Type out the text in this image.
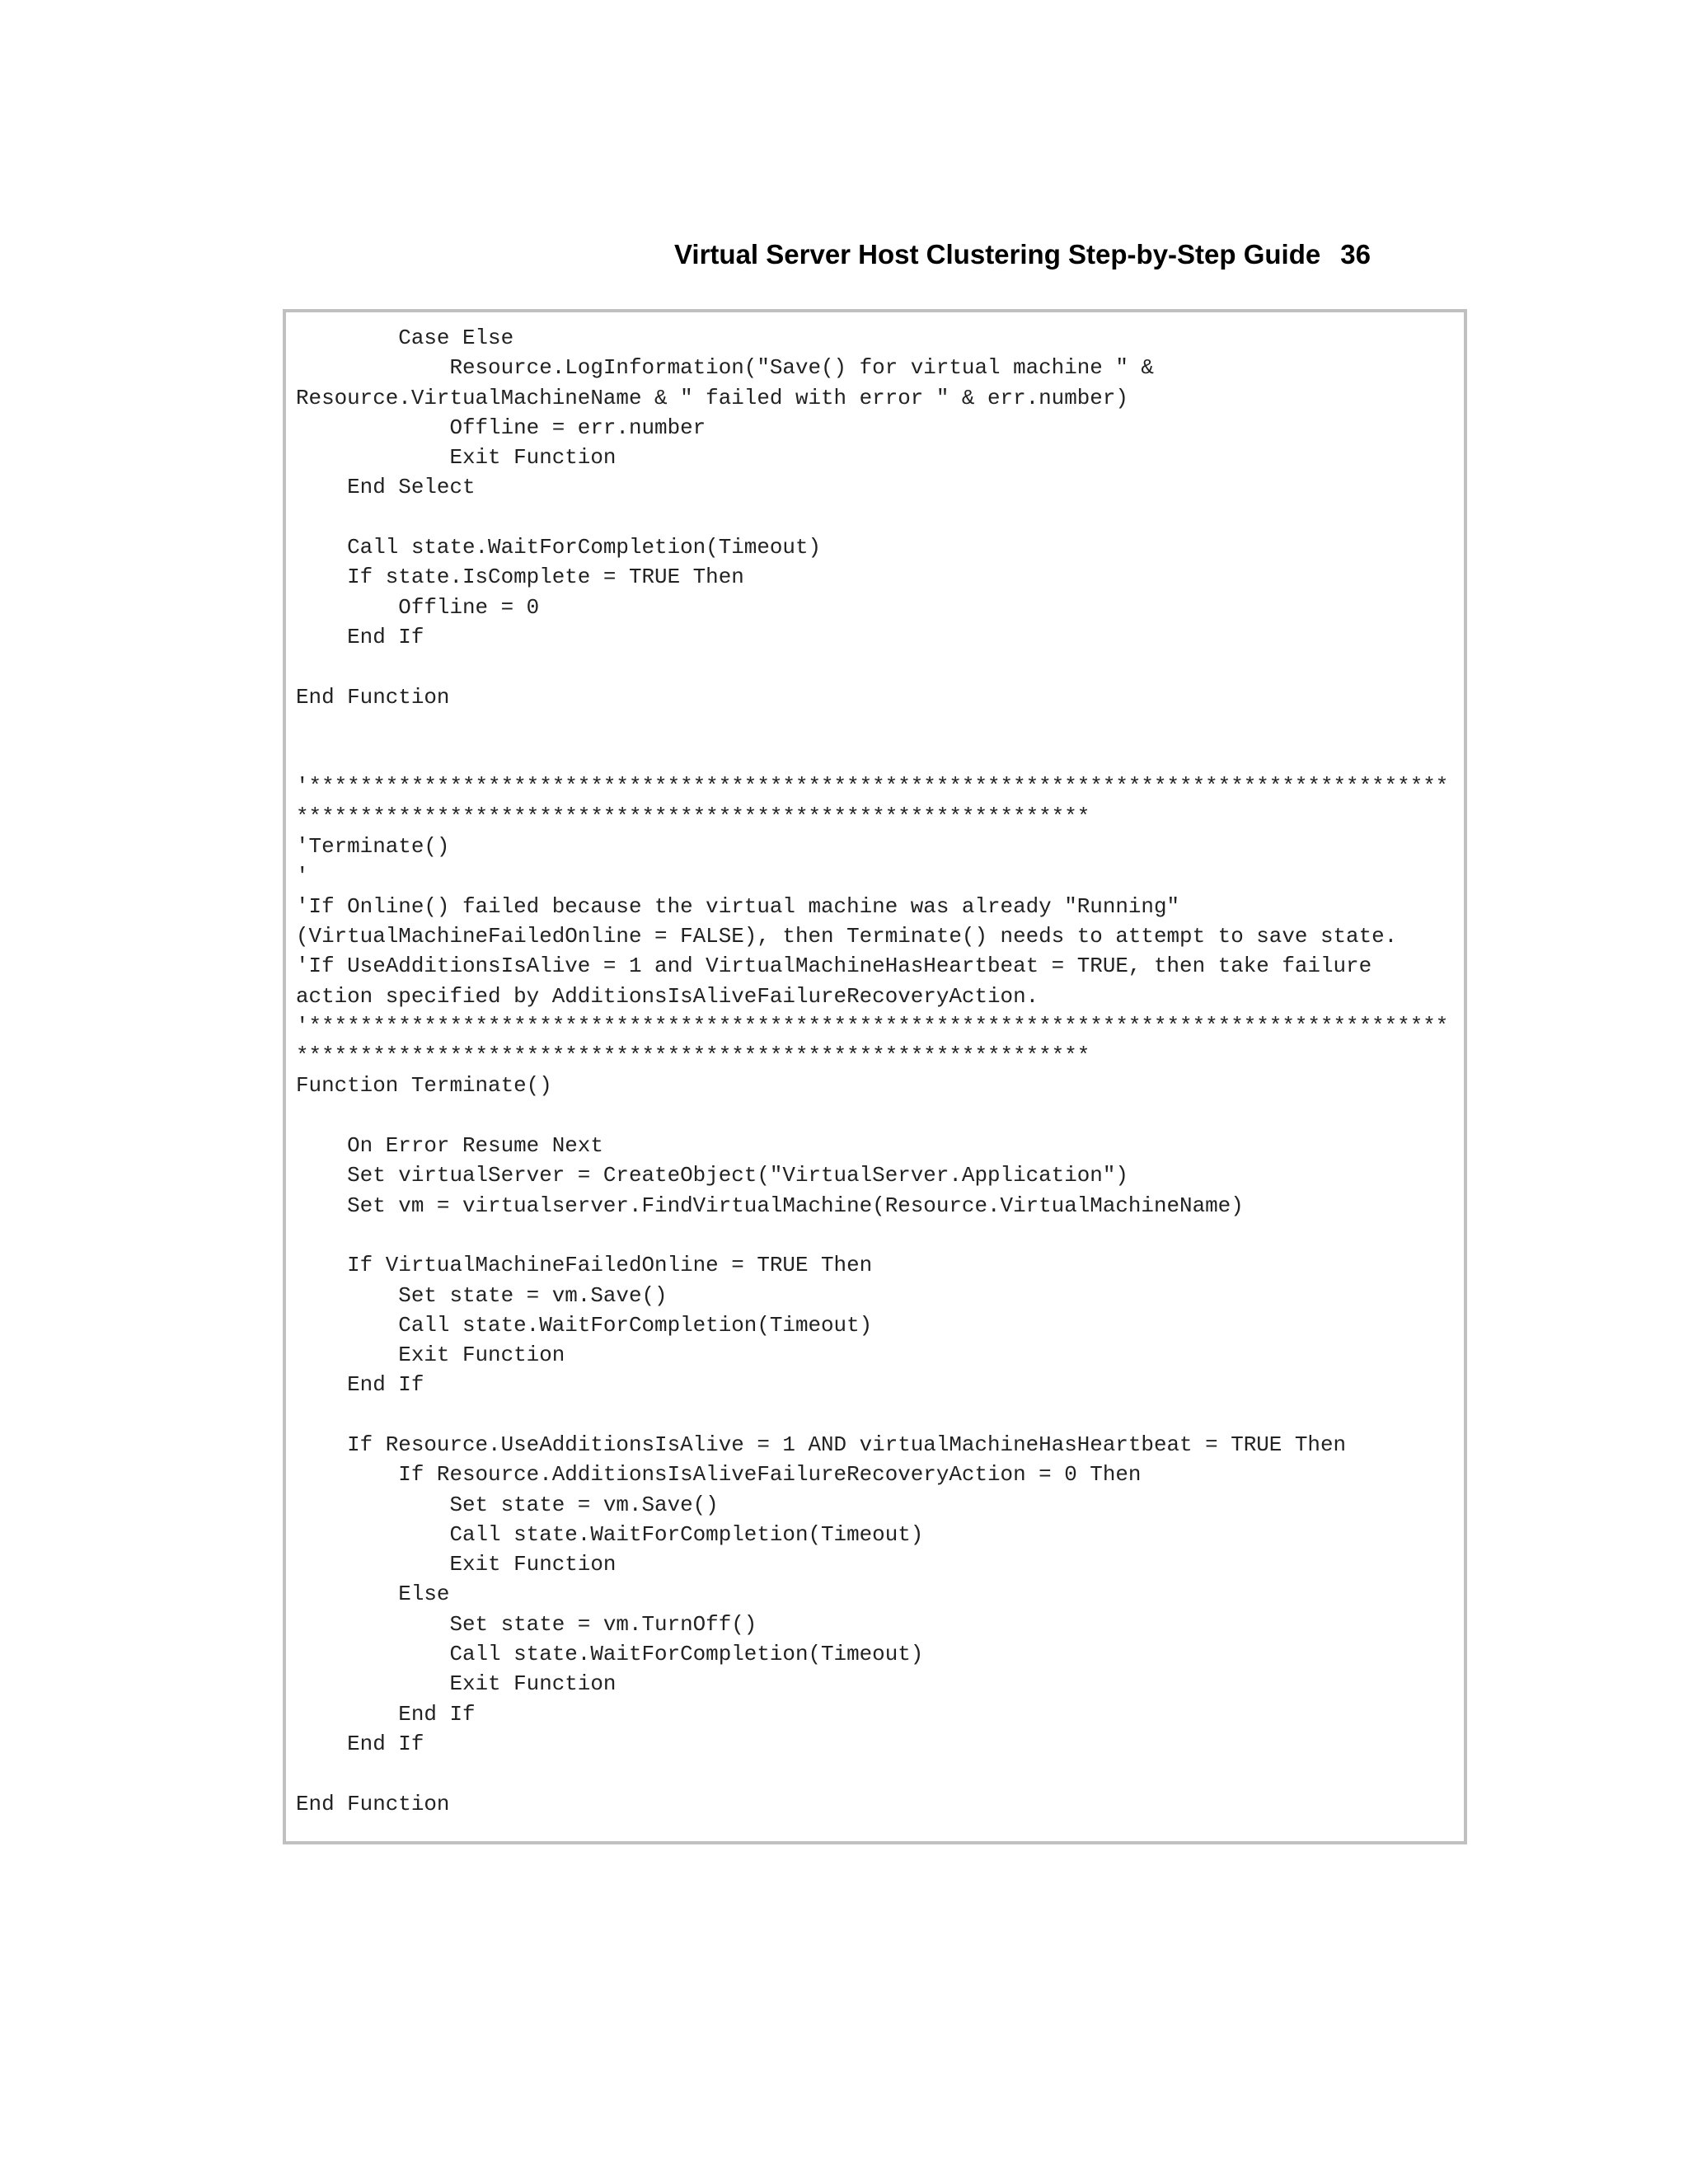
Virtual Server Host Clustering Step-by-Step Guide 36
Case Else
Resource.LogInformation("Save() for virtual machine " &
Resource.VirtualMachineName & " failed with error " & err.number)
Offline = err.number
Exit Function
End Select
Call state.WaitForCompletion(Timeout)
If state.IsComplete = TRUE Then
Offline = 0
End If
End Function
'*****************************************************************************************
**************************************************************
'Terminate()
'
'If Online() failed because the virtual machine was already "Running"
(VirtualMachineFailedOnline = FALSE), then Terminate() needs to attempt to save state.
'If UseAdditionsIsAlive = 1 and VirtualMachineHasHeartbeat = TRUE, then take failure
action specified by AdditionsIsAliveFailureRecoveryAction.
'*****************************************************************************************
**************************************************************
Function Terminate()
On Error Resume Next
Set virtualServer = CreateObject("VirtualServer.Application")
Set vm = virtualserver.FindVirtualMachine(Resource.VirtualMachineName)
If VirtualMachineFailedOnline = TRUE Then
Set state = vm.Save()
Call state.WaitForCompletion(Timeout)
Exit Function
End If
If Resource.UseAdditionsIsAlive = 1 AND virtualMachineHasHeartbeat = TRUE Then
If Resource.AdditionsIsAliveFailureRecoveryAction = 0 Then
Set state = vm.Save()
Call state.WaitForCompletion(Timeout)
Exit Function
Else
Set state = vm.TurnOff()
Call state.WaitForCompletion(Timeout)
Exit Function
End If
End If
End Function
